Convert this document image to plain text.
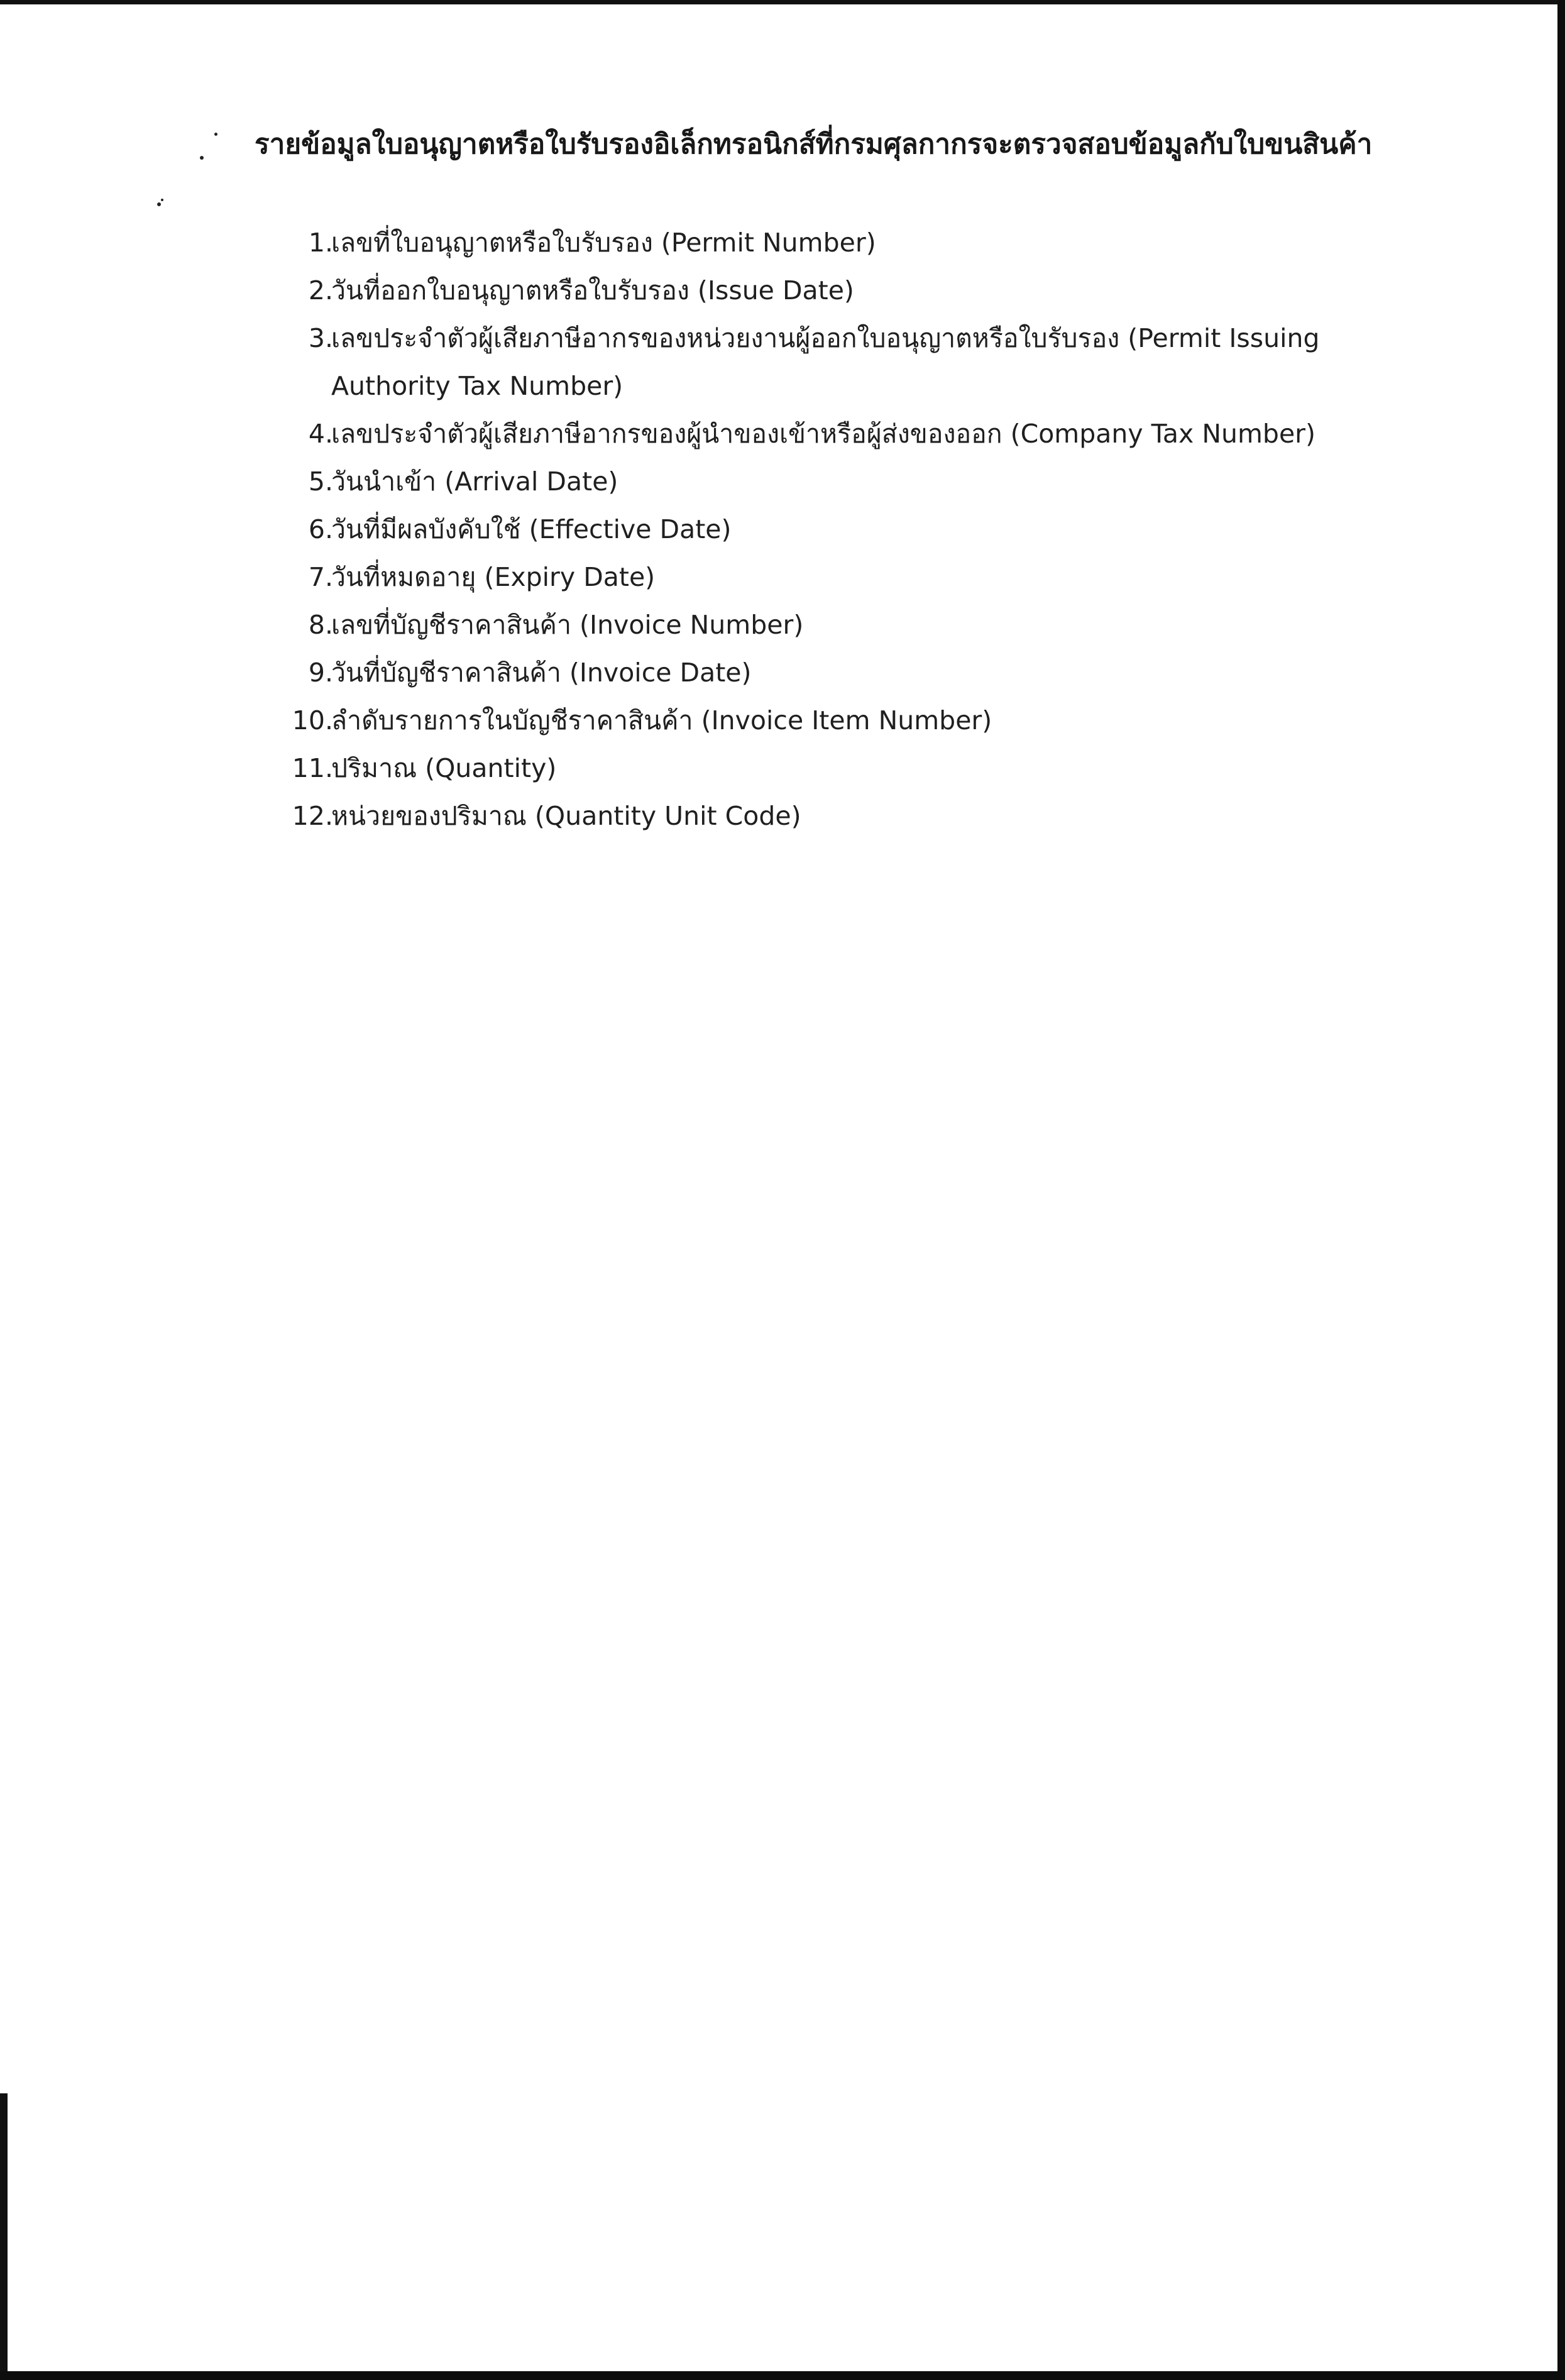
รายข้อมูลใบอนุญาตหรือใบรับรองอิเล็กทรอนิกส์ที่กรมศุลกากรจะตรวจสอบข้อมูลกับใบขนสินค้า
1.
เลขที่ใบอนุญาตหรือใบรับรอง (Permit Number)
2.
วันที่ออกใบอนุญาตหรือใบรับรอง (Issue Date)
3.
เลขประจำตัวผู้เสียภาษีอากรของหน่วยงานผู้ออกใบอนุญาตหรือใบรับรอง (Permit Issuing
Authority Tax Number)
4.
เลขประจำตัวผู้เสียภาษีอากรของผู้นำของเข้าหรือผู้ส่งของออก (Company Tax Number)
5.
วันนำเข้า (Arrival Date)
6.
วันที่มีผลบังคับใช้ (Effective Date)
7.
วันที่หมดอายุ (Expiry Date)
8.
เลขที่บัญชีราคาสินค้า (Invoice Number)
9.
วันที่บัญชีราคาสินค้า (Invoice Date)
10.
ลำดับรายการในบัญชีราคาสินค้า (Invoice Item Number)
11.
ปริมาณ (Quantity)
12.
หน่วยของปริมาณ (Quantity Unit Code)
